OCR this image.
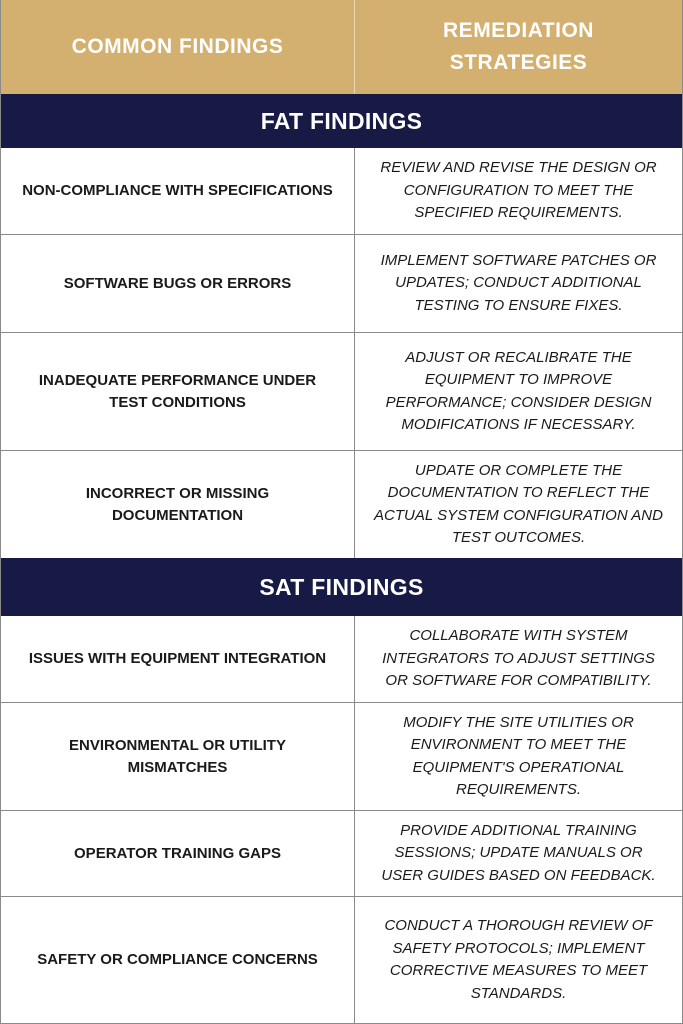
COMMON FINDINGS
REMEDIATION
STRATEGIES
FAT FINDINGS
NON-COMPLIANCE WITH SPECIFICATIONS
REVIEW AND REVISE THE DESIGN OR
CONFIGURATION TO MEET THE
SPECIFIED REQUIREMENTS.
SOFTWARE BUGS OR ERRORS
IMPLEMENT SOFTWARE PATCHES OR
UPDATES; CONDUCT ADDITIONAL
TESTING TO ENSURE FIXES.
INADEQUATE PERFORMANCE UNDER
TEST CONDITIONS
ADJUST OR RECALIBRATE THE
EQUIPMENT TO IMPROVE
PERFORMANCE; CONSIDER DESIGN
MODIFICATIONS IF NECESSARY.
INCORRECT OR MISSING
DOCUMENTATION
UPDATE OR COMPLETE THE
DOCUMENTATION TO REFLECT THE
ACTUAL SYSTEM CONFIGURATION AND
TEST OUTCOMES.
SAT FINDINGS
ISSUES WITH EQUIPMENT INTEGRATION
COLLABORATE WITH SYSTEM
INTEGRATORS TO ADJUST SETTINGS
OR SOFTWARE FOR COMPATIBILITY.
ENVIRONMENTAL OR UTILITY
MISMATCHES
MODIFY THE SITE UTILITIES OR
ENVIRONMENT TO MEET THE
EQUIPMENT'S OPERATIONAL
REQUIREMENTS.
OPERATOR TRAINING GAPS
PROVIDE ADDITIONAL TRAINING
SESSIONS; UPDATE MANUALS OR
USER GUIDES BASED ON FEEDBACK.
SAFETY OR COMPLIANCE CONCERNS
CONDUCT A THOROUGH REVIEW OF
SAFETY PROTOCOLS; IMPLEMENT
CORRECTIVE MEASURES TO MEET
STANDARDS.
